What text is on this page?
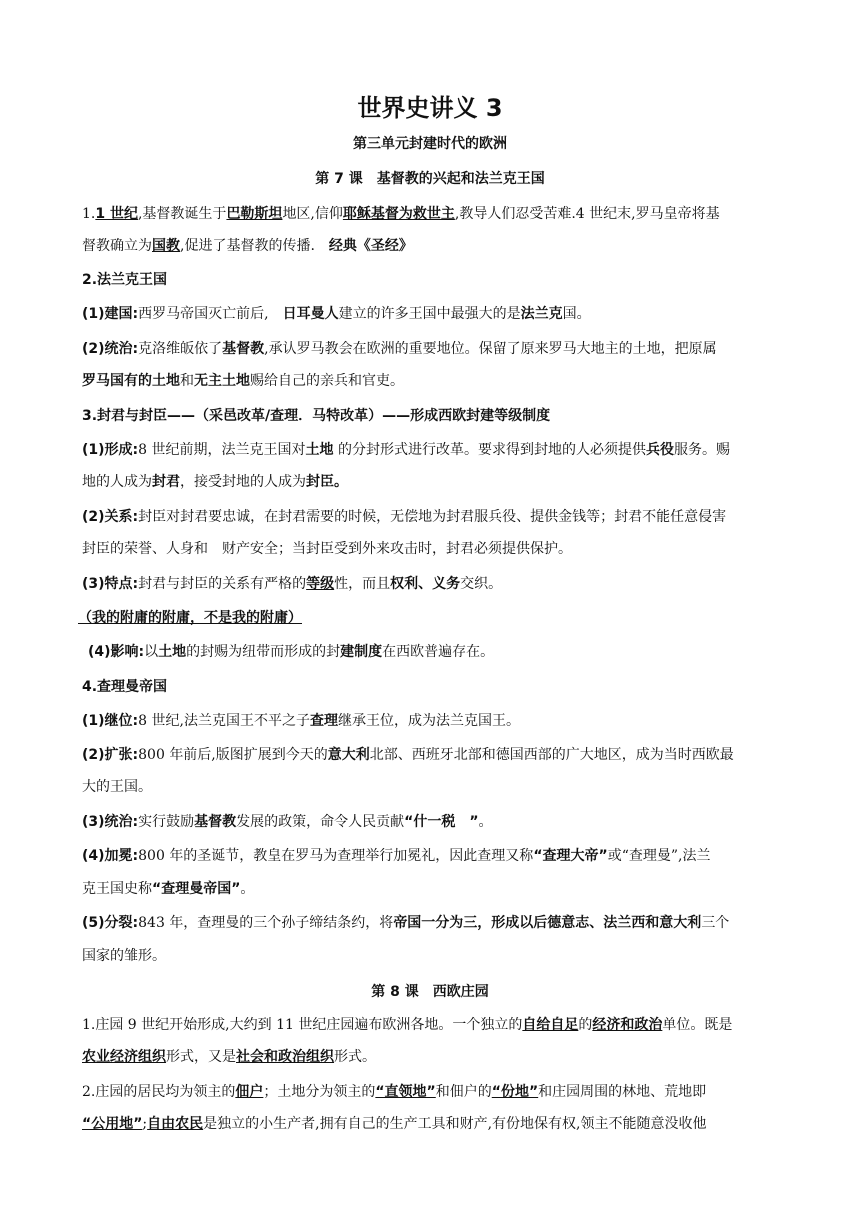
世界史讲义 3
第三单元封建时代的欧洲
第 7 课　基督教的兴起和法兰克王国
1.1 世纪,基督教诞生于巴勒斯坦地区,信仰耶稣基督为救世主,教导人们忍受苦难.4 世纪末,罗马皇帝将基
督教确立为国教,促进了基督教的传播.　 经典《圣经》
2.法兰克王国
(1)建国:西罗马帝国灭亡前后,　日耳曼人建立的许多王国中最强大的是法兰克国。
(2)统治:克洛维皈依了基督教,承认罗马教会在欧洲的重要地位。保留了原来罗马大地主的土地，把原属
罗马国有的土地和无主土地赐给自己的亲兵和官吏。
3.封君与封臣——（采邑改革/查理．马特改革）——形成西欧封建等级制度
(1)形成:8 世纪前期，法兰克王国对土地 的分封形式进行改革。要求得到封地的人必须提供兵役服务。赐
地的人成为封君，接受封地的人成为封臣。
(2)关系:封臣对封君要忠诚，在封君需要的时候，无偿地为封君服兵役、提供金钱等；封君不能任意侵害
封臣的荣誉、人身和　财产安全；当封臣受到外来攻击时，封君必须提供保护。
(3)特点:封君与封臣的关系有严格的等级性，而且权利、义务交织。
（我的附庸的附庸，不是我的附庸）
(4)影响:以土地的封赐为纽带而形成的封建制度在西欧普遍存在。
4.查理曼帝国
(1)继位:8 世纪,法兰克国王不平之子查理继承王位，成为法兰克国王。
(2)扩张:800 年前后,版图扩展到今天的意大利北部、西班牙北部和德国西部的广大地区，成为当时西欧最
大的王国。
(3)统治:实行鼓励基督教发展的政策，命令人民贡献“什一税　”。
(4)加冕:800 年的圣诞节，教皇在罗马为查理举行加冕礼，因此查理又称“查理大帝”或“查理曼”,法兰
克王国史称“查理曼帝国”。
(5)分裂:843 年，查理曼的三个孙子缔结条约，将帝国一分为三，形成以后德意志、法兰西和意大利三个
国家的雏形。
第 8 课　西欧庄园
1.庄园 9 世纪开始形成,大约到 11 世纪庄园遍布欧洲各地。一个独立的自给自足的经济和政治单位。既是
农业经济组织形式，又是社会和政治组织形式。
2.庄园的居民均为领主的佃户；土地分为领主的“直领地”和佃户的“份地”和庄园周围的林地、荒地即
“公用地”;自由农民是独立的小生产者,拥有自己的生产工具和财产,有份地保有权,领主不能随意没收他
